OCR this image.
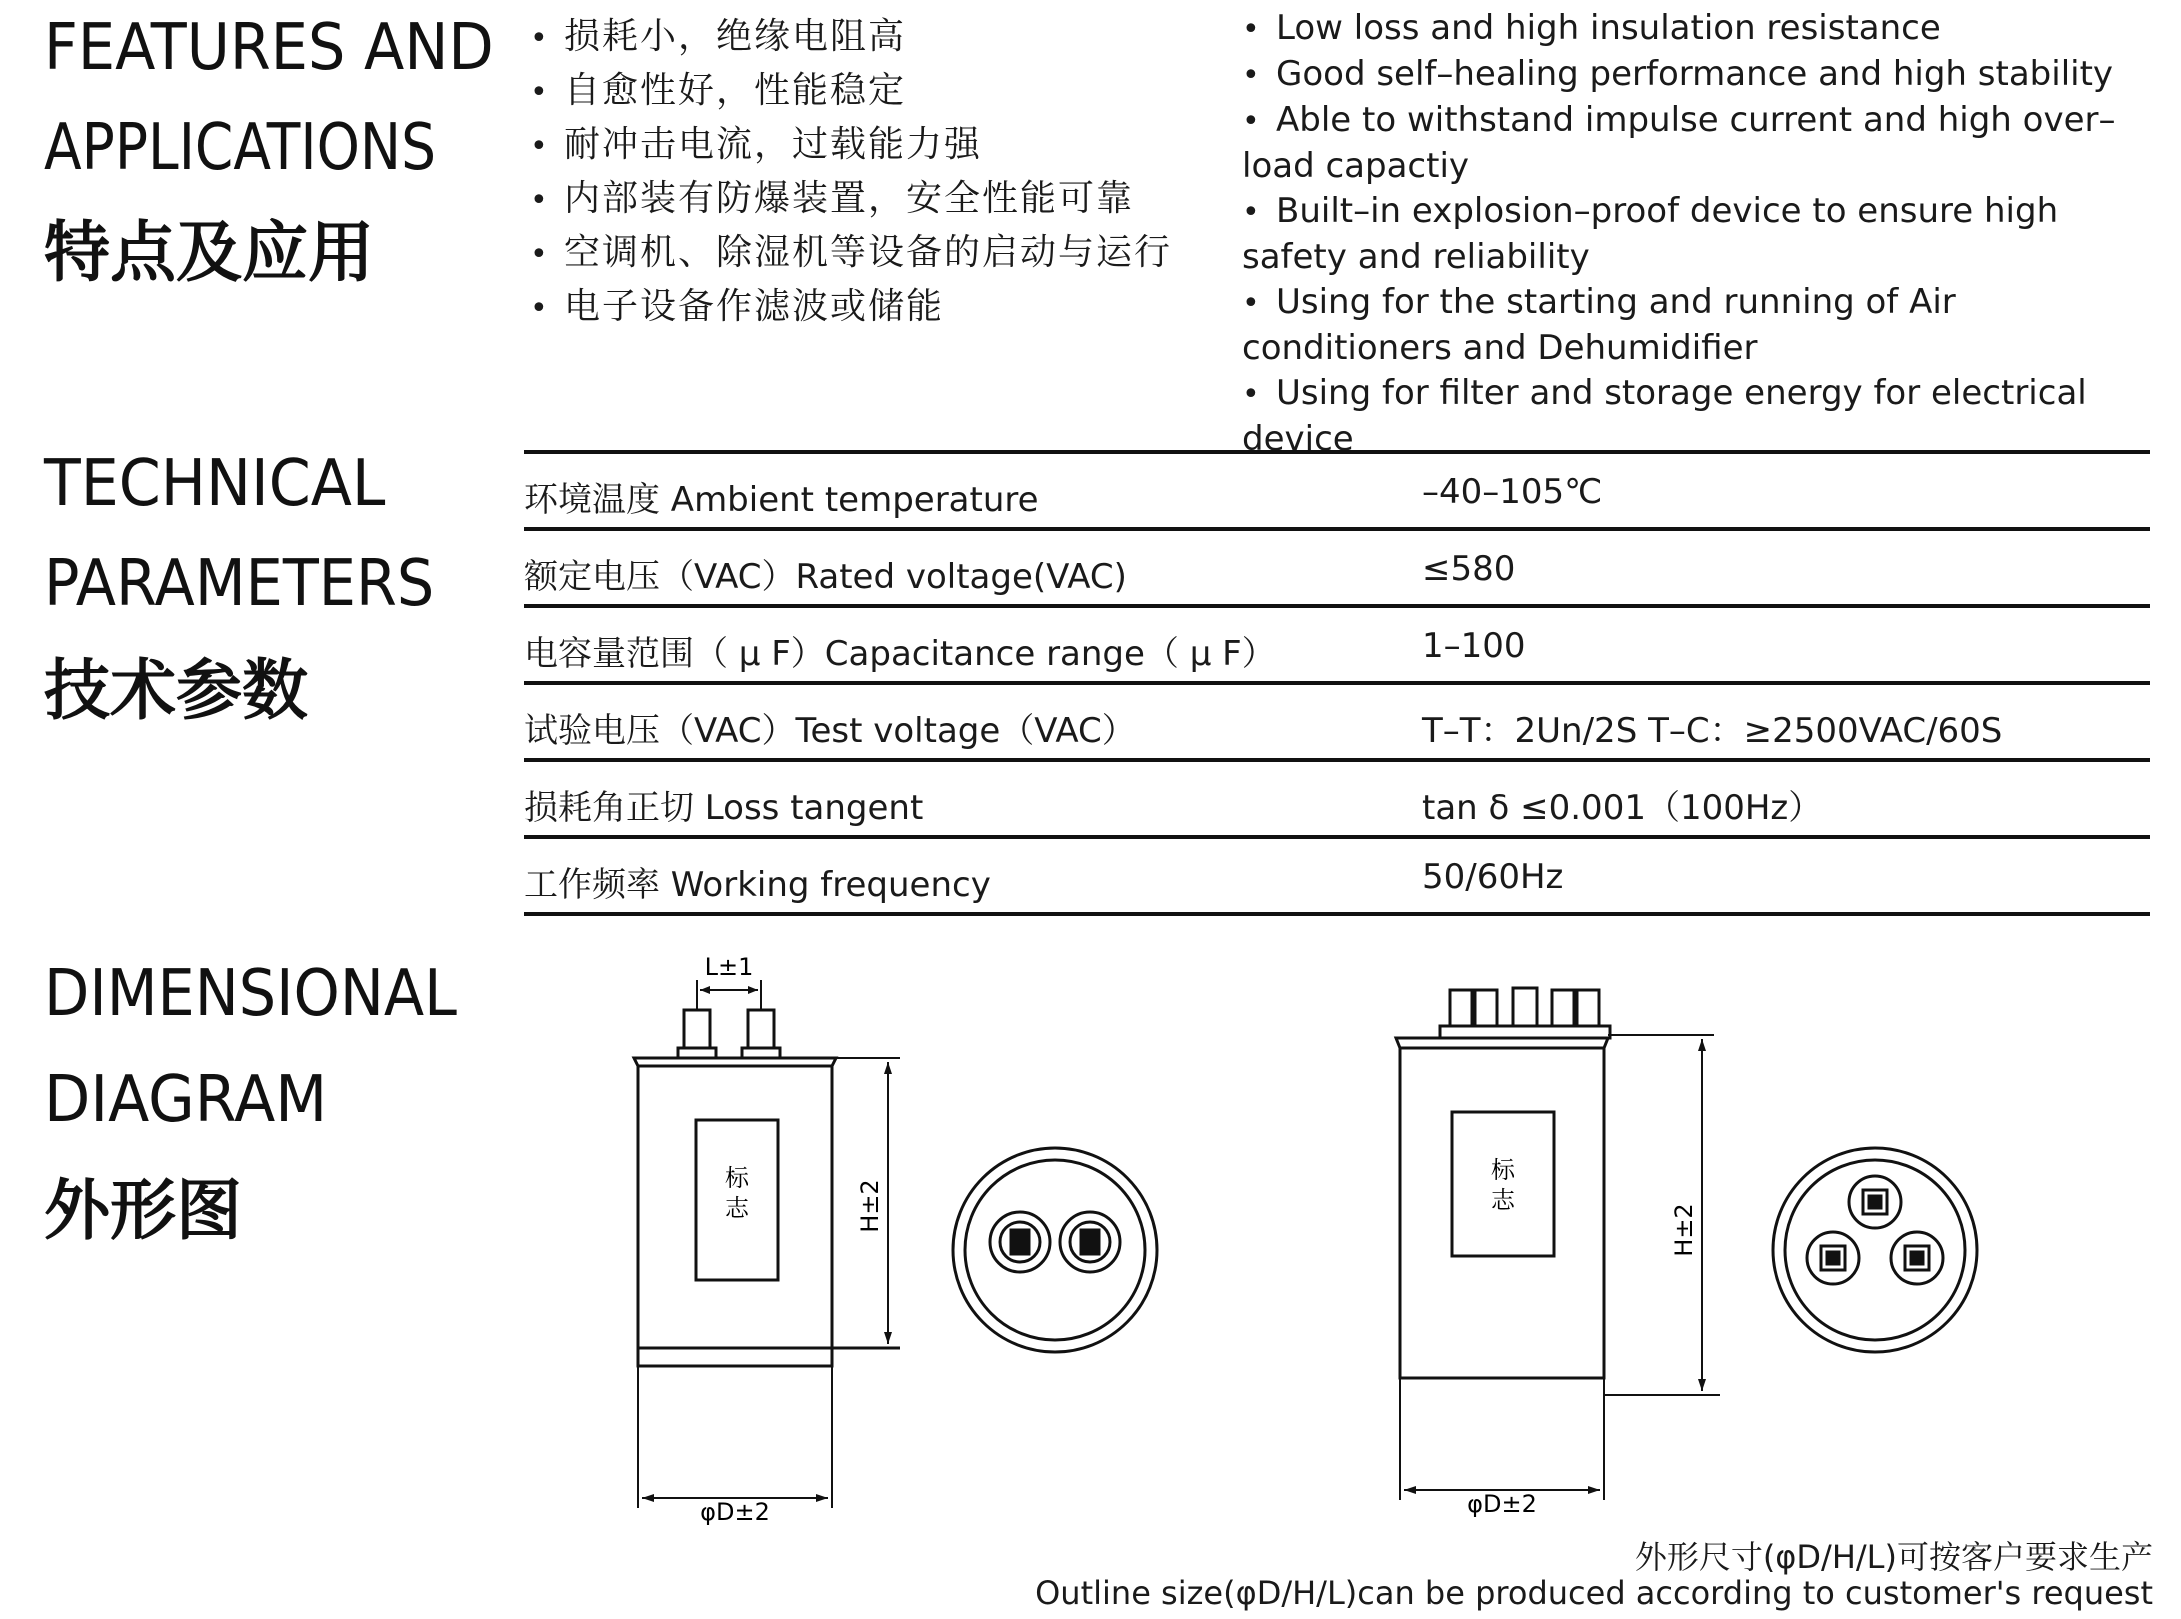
FEATURES AND
APPLICATIONS
特点及应用
• 损耗小，绝缘电阻高
• 自愈性好，性能稳定
• 耐冲击电流，过载能力强
• 内部装有防爆装置，安全性能可靠
• 空调机、除湿机等设备的启动与运行
• 电子设备作滤波或储能
• Low loss and high insulation resistance
• Good self–healing performance and high stability
• Able to withstand impulse current and high over–load capactiy
• Built–in explosion–proof device to ensure high safety and reliability
• Using for the starting and running of Air conditioners and Dehumidifier
• Using for filter and storage energy for electrical device
TECHNICAL
PARAMETERS
技术参数
环境温度 Ambient temperature	–40–105℃
额定电压（VAC）Rated voltage(VAC)	≤580
电容量范围（ μ F）Capacitance range（ μ F）	1–100
试验电压（VAC）Test voltage（VAC）	T–T：2Un/2S T–C：≥2500VAC/60S
损耗角正切 Loss tangent	tan δ ≤0.001（100Hz）
工作频率 Working frequency	50/60Hz
DIMENSIONAL
DIAGRAM
外形图
L±1
H±2
φD±2
标
志	H±2
φD±2
标
志
外形尺寸(φD/H/L)可按客户要求生产
Outline size(φD/H/L)can be produced according to customer's request
